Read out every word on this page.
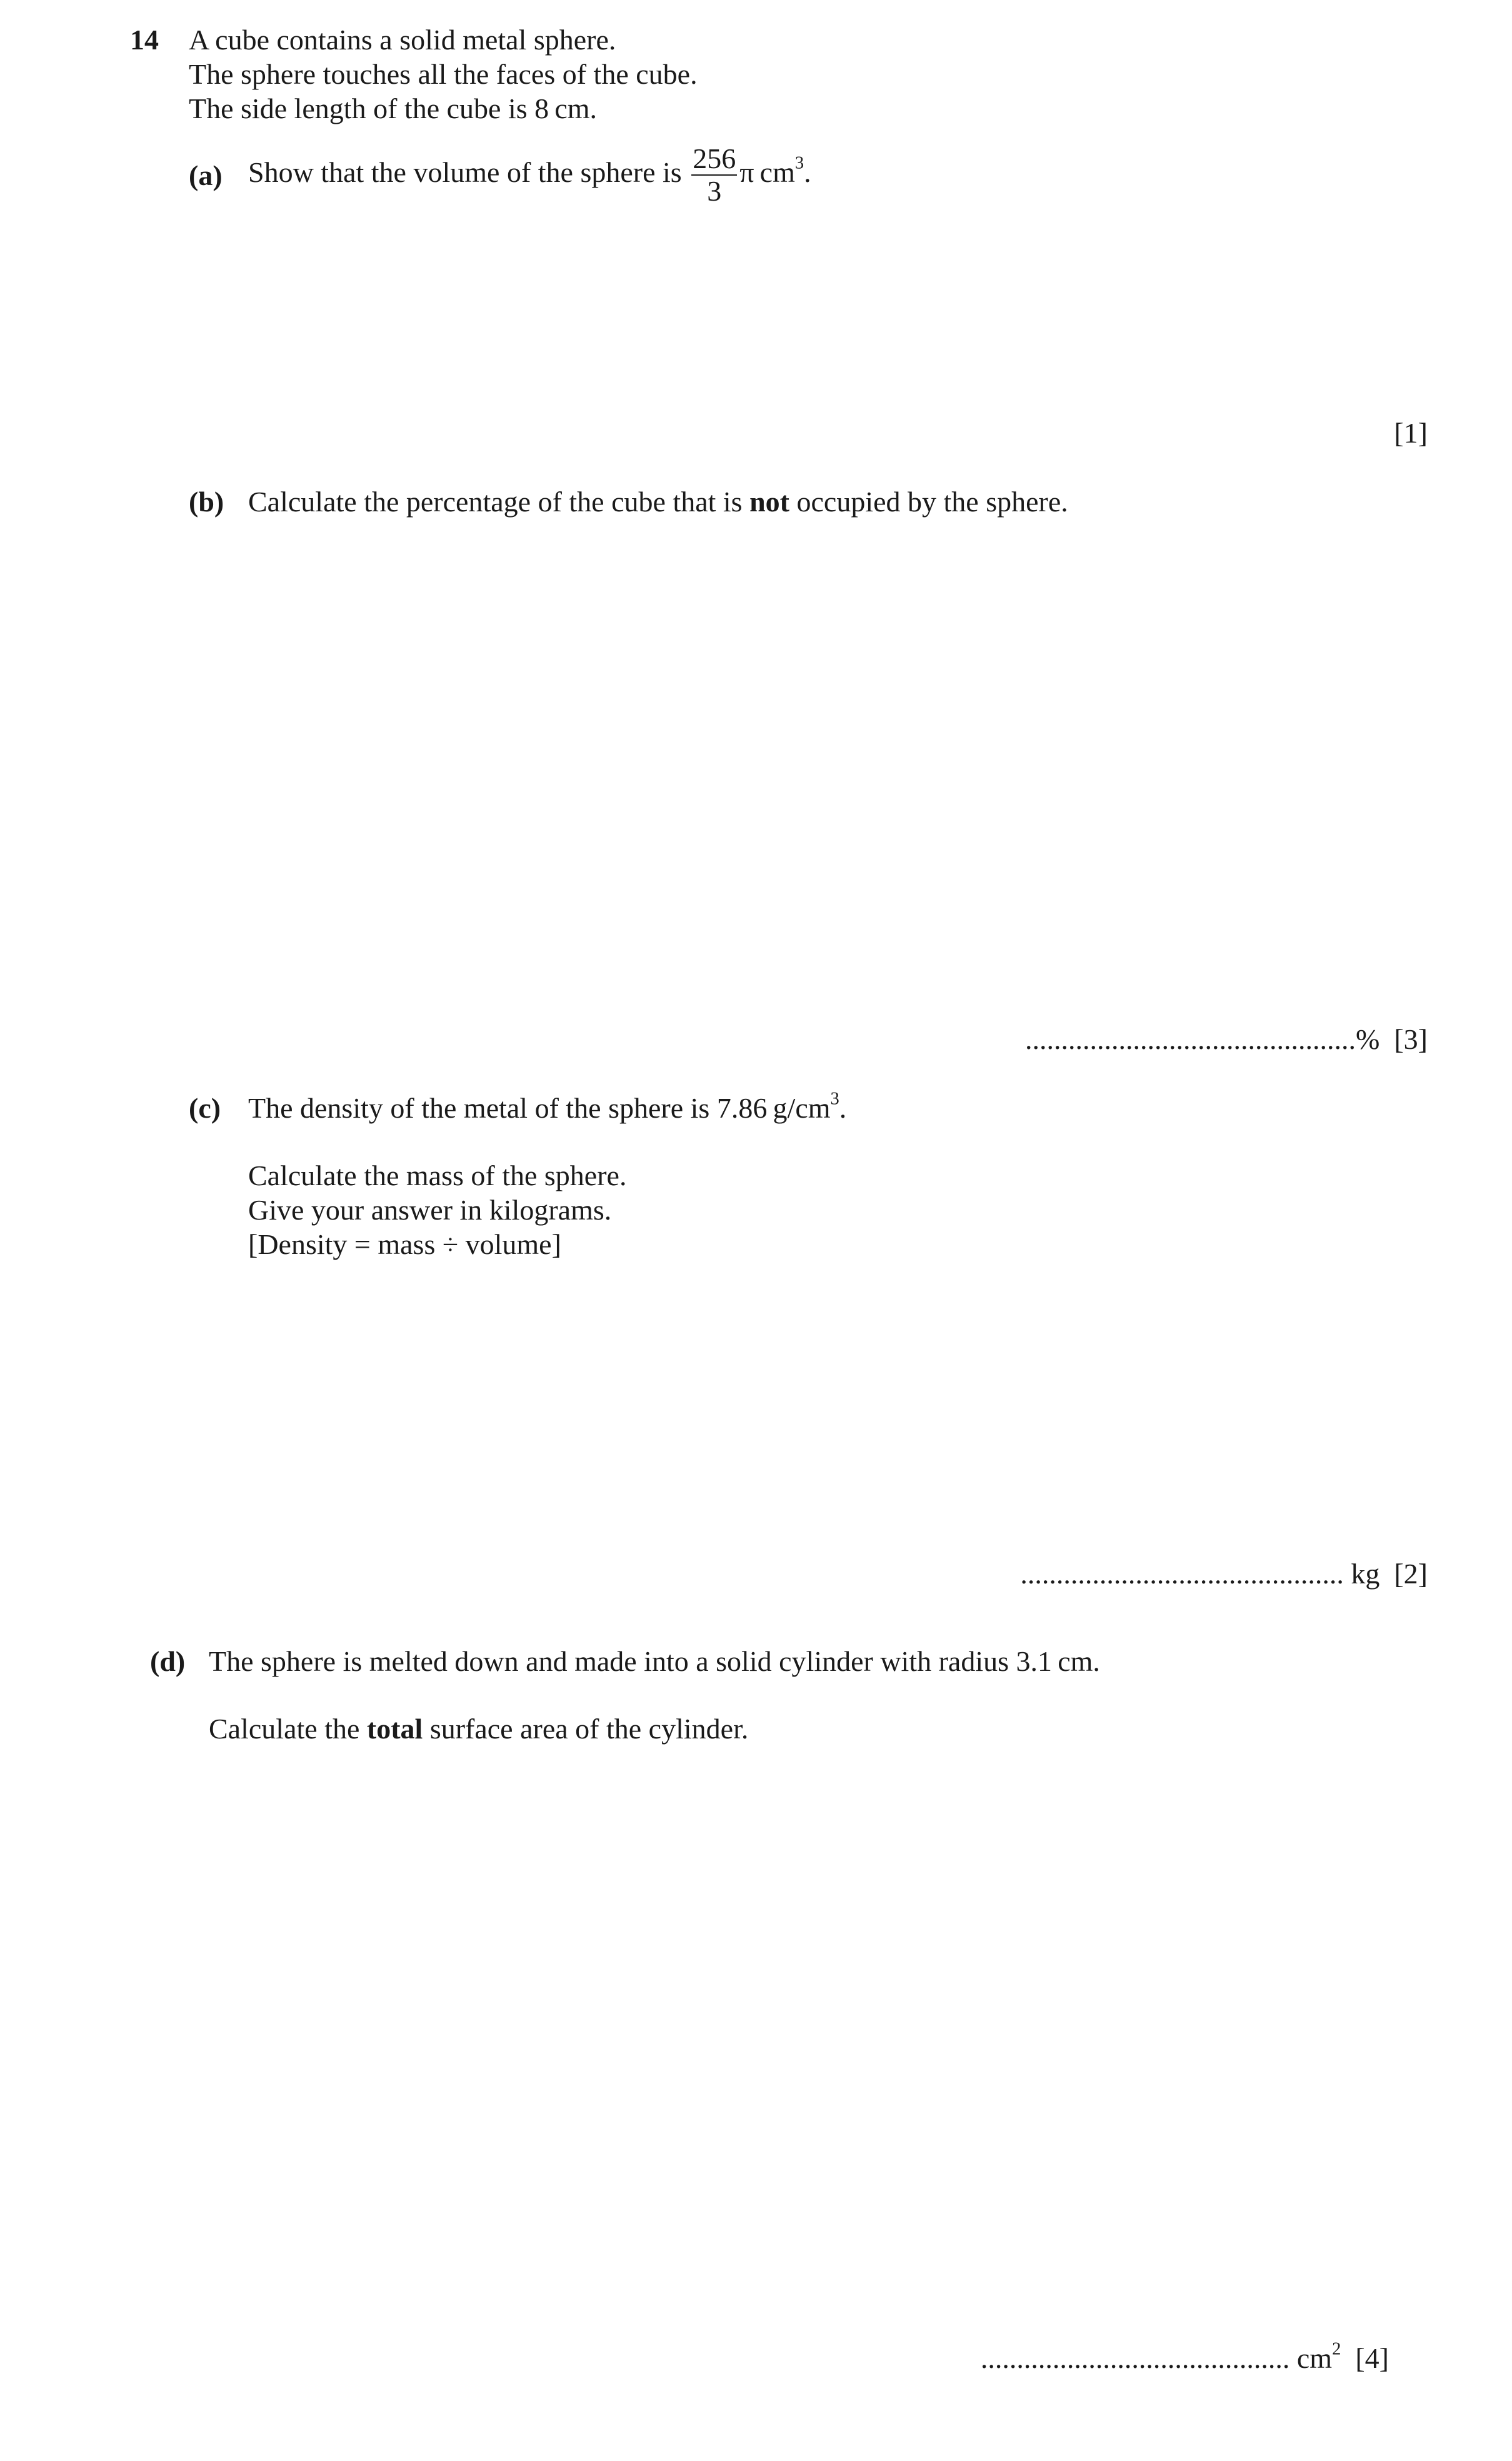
14 A cube contains a solid metal sphere.
The sphere touches all the faces of the cube.
The side length of the cube is 8 cm.
(a) Show that the volume of the sphere is $\frac{256}{3}$ π $cm^3$.
[1]
(b) Calculate the percentage of the cube that is not occupied by the sphere.
..............................................% [3]
(c) The density of the metal of the sphere is 7.86 $g/cm^3$.
Calculate the mass of the sphere.
Give your answer in kilograms.
[Density = mass ÷ volume]
............................................. kg [2]
(d) The sphere is melted down and made into a solid cylinder with radius 3.1 cm.
Calculate the total surface area of the cylinder.
........................................... $cm^2$ [4]
